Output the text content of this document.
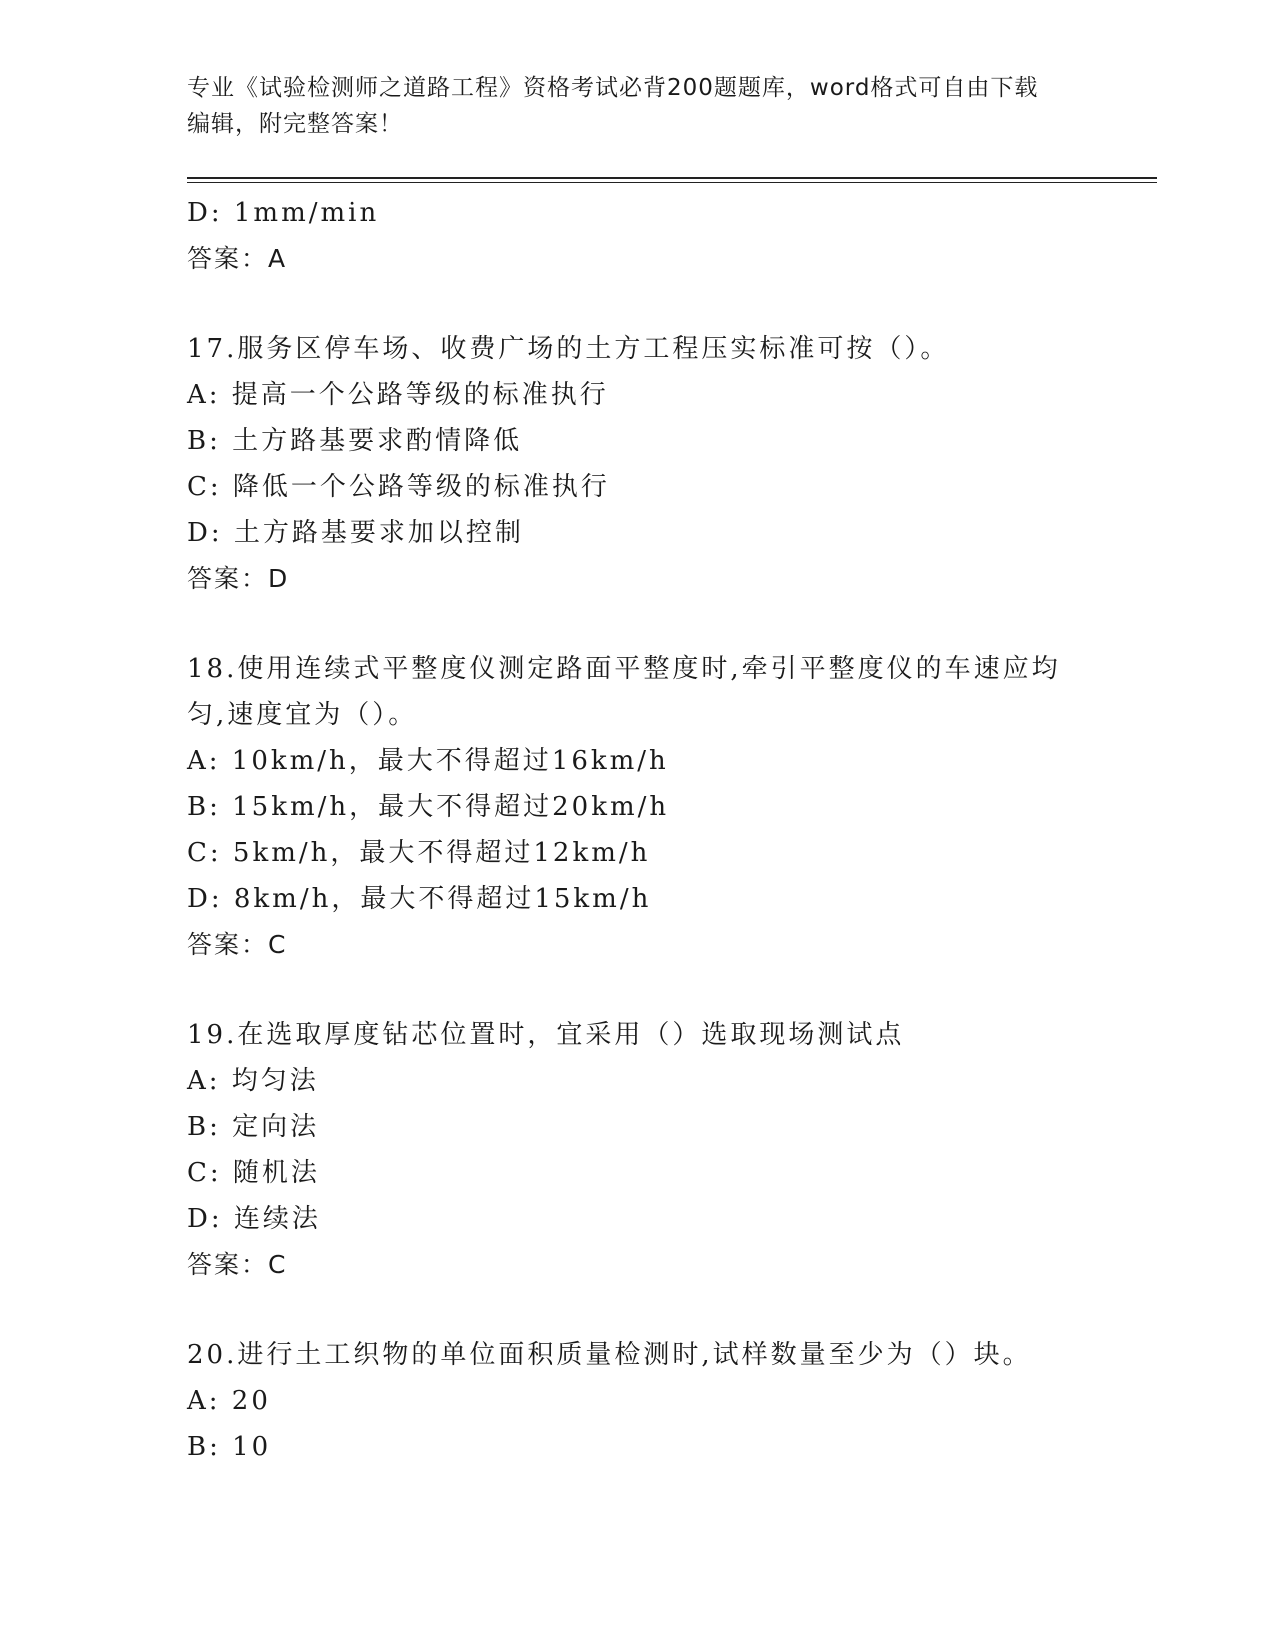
专业《试验检测师之道路工程》资格考试必背200题题库，word格式可自由下载
编辑，附完整答案！
D: 1mm/min
答案：A
17.服务区停车场、收费广场的土方工程压实标准可按（）。
A: 提高一个公路等级的标准执行
B: 土方路基要求酌情降低
C: 降低一个公路等级的标准执行
D: 土方路基要求加以控制
答案：D
18.使用连续式平整度仪测定路面平整度时,牵引平整度仪的车速应均
匀,速度宜为（）。
A: 10km/h，最大不得超过16km/h
B: 15km/h，最大不得超过20km/h
C: 5km/h，最大不得超过12km/h
D: 8km/h，最大不得超过15km/h
答案：C
19.在选取厚度钻芯位置时，宜采用（）选取现场测试点
A: 均匀法
B: 定向法
C: 随机法
D: 连续法
答案：C
20.进行土工织物的单位面积质量检测时,试样数量至少为（）块。
A: 20
B: 10
